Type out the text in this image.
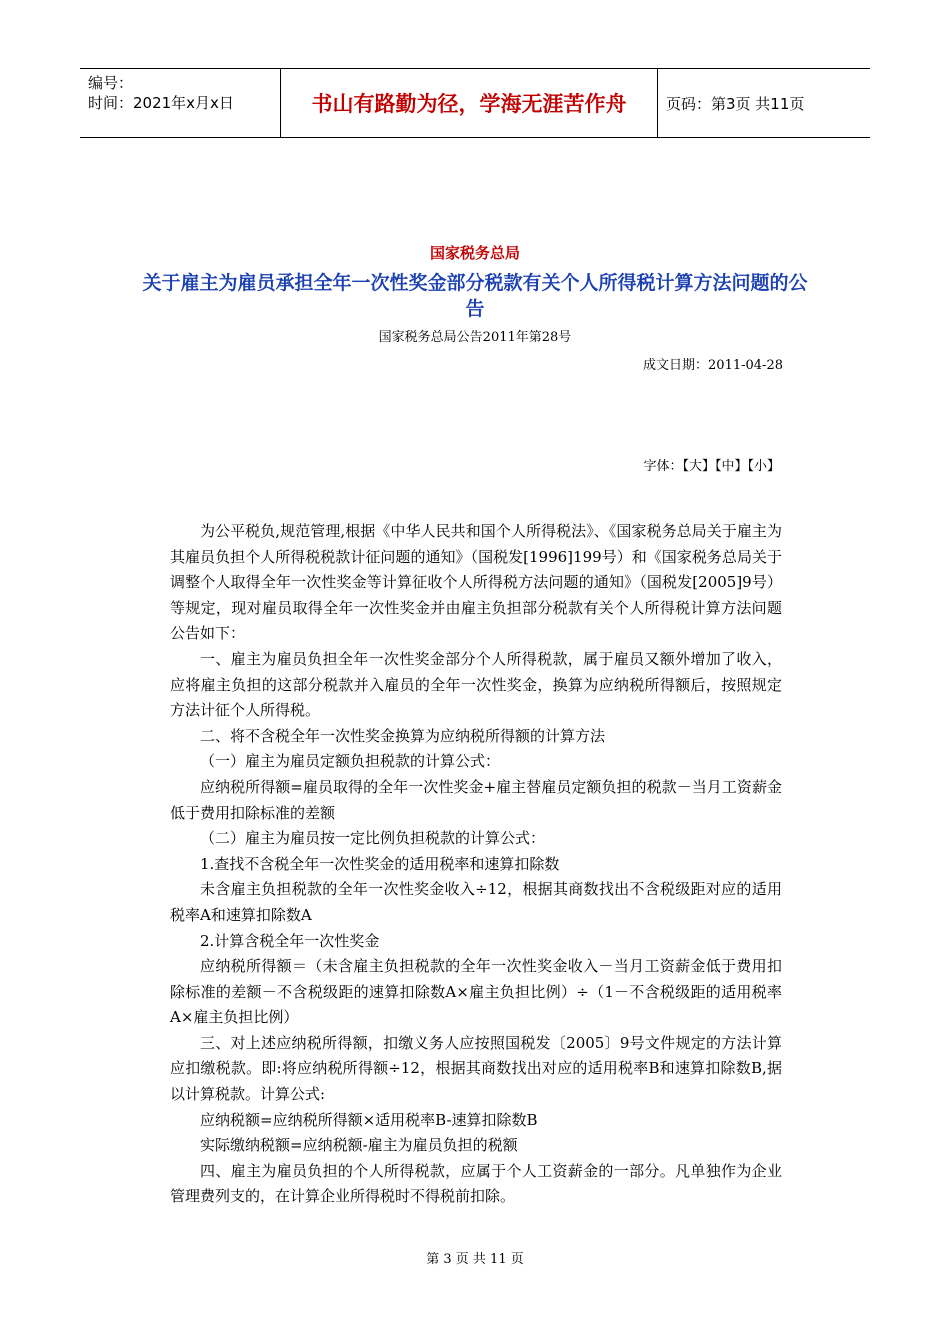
编号：
时间：2021年x月x日	书山有路勤为径，学海无涯苦作舟	页码：第3页 共11页
国家税务总局
关于雇主为雇员承担全年一次性奖金部分税款有关个人所得税计算方法问题的公告
国家税务总局公告2011年第28号
成文日期：2011-04-28
字体：【大】【中】【小】

为公平税负,规范管理,根据《中华人民共和国个人所得税法》、《国家税务总局关于雇主为其雇员负担个人所得税税款计征问题的通知》（国税发[1996]199号）和《国家税务总局关于调整个人取得全年一次性奖金等计算征收个人所得税方法问题的通知》（国税发[2005]9号）等规定，现对雇员取得全年一次性奖金并由雇主负担部分税款有关个人所得税计算方法问题公告如下：

一、雇主为雇员负担全年一次性奖金部分个人所得税款，属于雇员又额外增加了收入，应将雇主负担的这部分税款并入雇员的全年一次性奖金，换算为应纳税所得额后，按照规定方法计征个人所得税。

二、将不含税全年一次性奖金换算为应纳税所得额的计算方法

（一）雇主为雇员定额负担税款的计算公式：

应纳税所得额=雇员取得的全年一次性奖金+雇主替雇员定额负担的税款－当月工资薪金低于费用扣除标准的差额

（二）雇主为雇员按一定比例负担税款的计算公式：

1.查找不含税全年一次性奖金的适用税率和速算扣除数

未含雇主负担税款的全年一次性奖金收入÷12，根据其商数找出不含税级距对应的适用税率A和速算扣除数A

2.计算含税全年一次性奖金

应纳税所得额＝（未含雇主负担税款的全年一次性奖金收入－当月工资薪金低于费用扣除标准的差额－不含税级距的速算扣除数A×雇主负担比例）÷（1－不含税级距的适用税率A×雇主负担比例）

三、对上述应纳税所得额，扣缴义务人应按照国税发〔2005〕9号文件规定的方法计算应扣缴税款。即:将应纳税所得额÷12，根据其商数找出对应的适用税率B和速算扣除数B,据以计算税款。计算公式:

应纳税额=应纳税所得额×适用税率B-速算扣除数B

实际缴纳税额=应纳税额-雇主为雇员负担的税额

四、雇主为雇员负担的个人所得税款，应属于个人工资薪金的一部分。凡单独作为企业管理费列支的，在计算企业所得税时不得税前扣除。

第 3 页 共 11 页
